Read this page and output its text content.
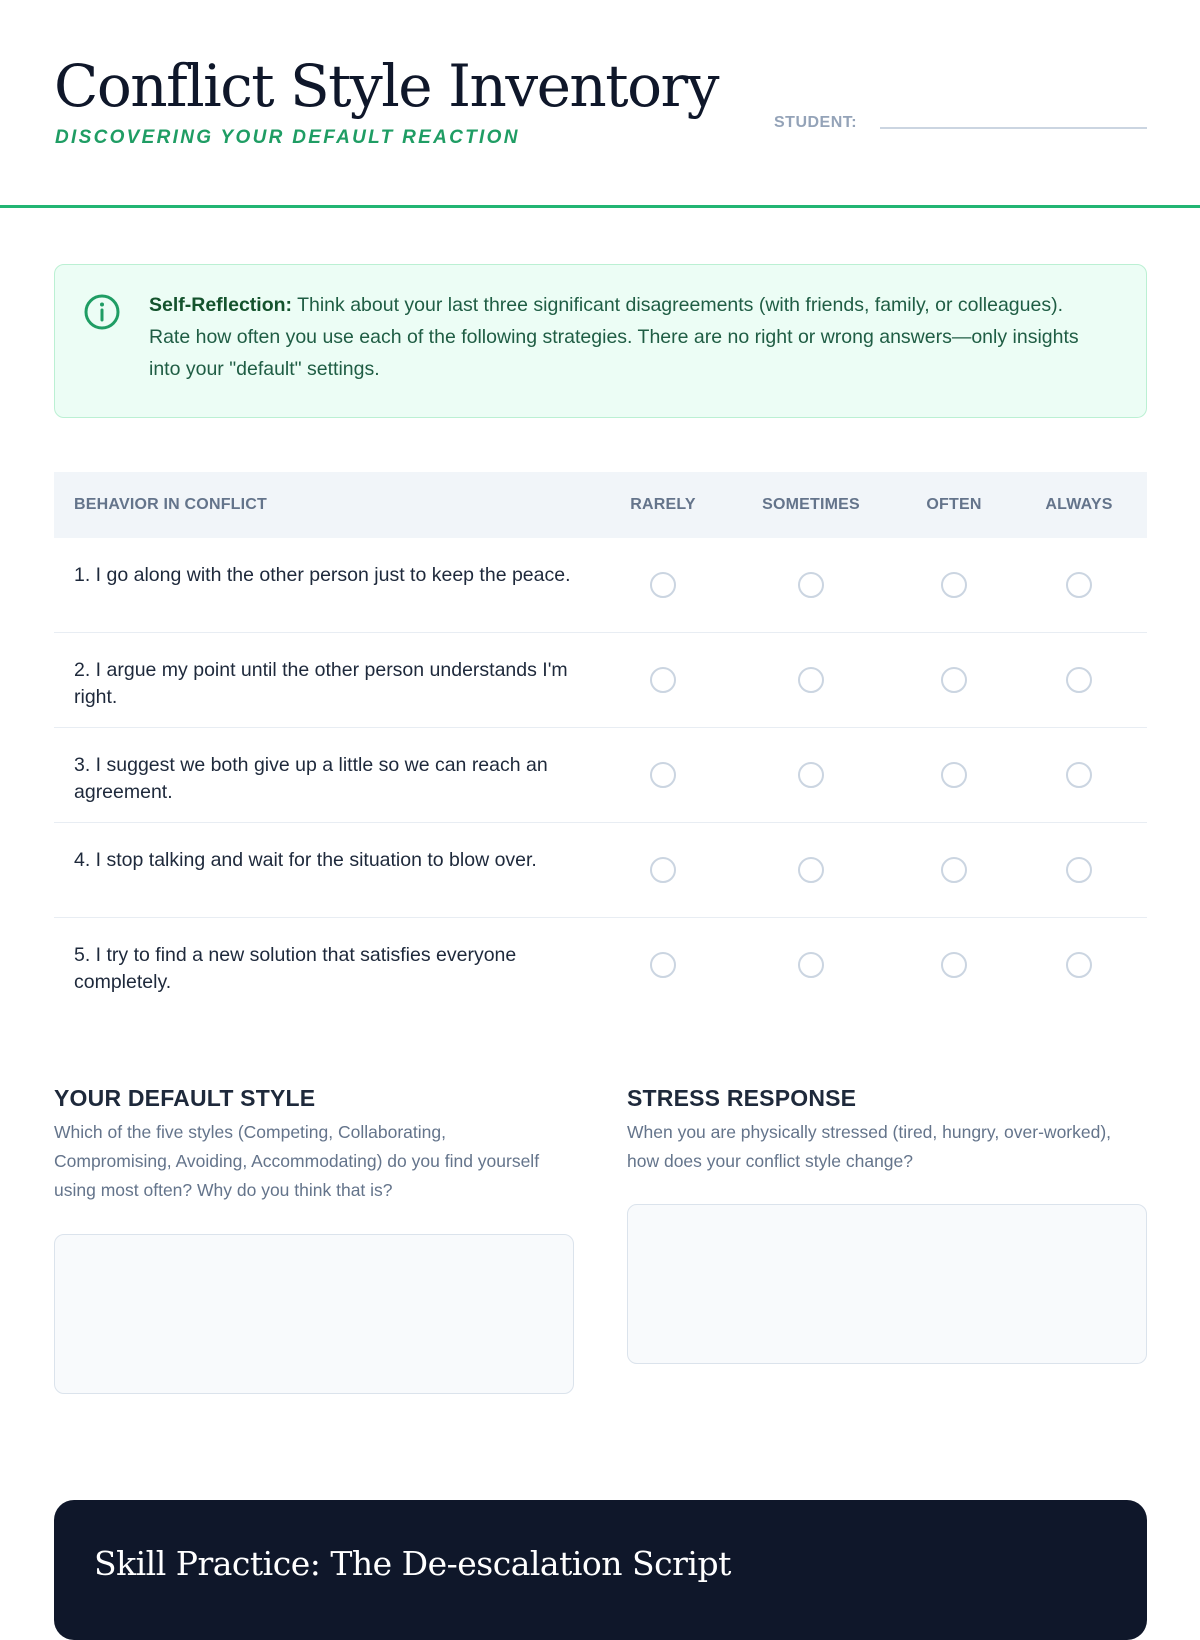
Conflict Style Inventory
DISCOVERING YOUR DEFAULT REACTION
STUDENT:
Self-Reflection: Think about your last three significant disagreements (with friends, family, or colleagues). Rate how often you use each of the following strategies. There are no right or wrong answers—only insights into your "default" settings.
BEHAVIOR IN CONFLICT	RARELY	SOMETIMES	OFTEN	ALWAYS
1. I go along with the other person just to keep the peace.
2. I argue my point until the other person understands I'm right.
3. I suggest we both give up a little so we can reach an agreement.
4. I stop talking and wait for the situation to blow over.
5. I try to find a new solution that satisfies everyone completely.
YOUR DEFAULT STYLE

Which of the five styles (Competing, Collaborating, Compromising, Avoiding, Accommodating) do you find yourself using most often? Why do you think that is?

STRESS RESPONSE

When you are physically stressed (tired, hungry, over-worked), how does your conflict style change?

Skill Practice: The De-escalation Script
